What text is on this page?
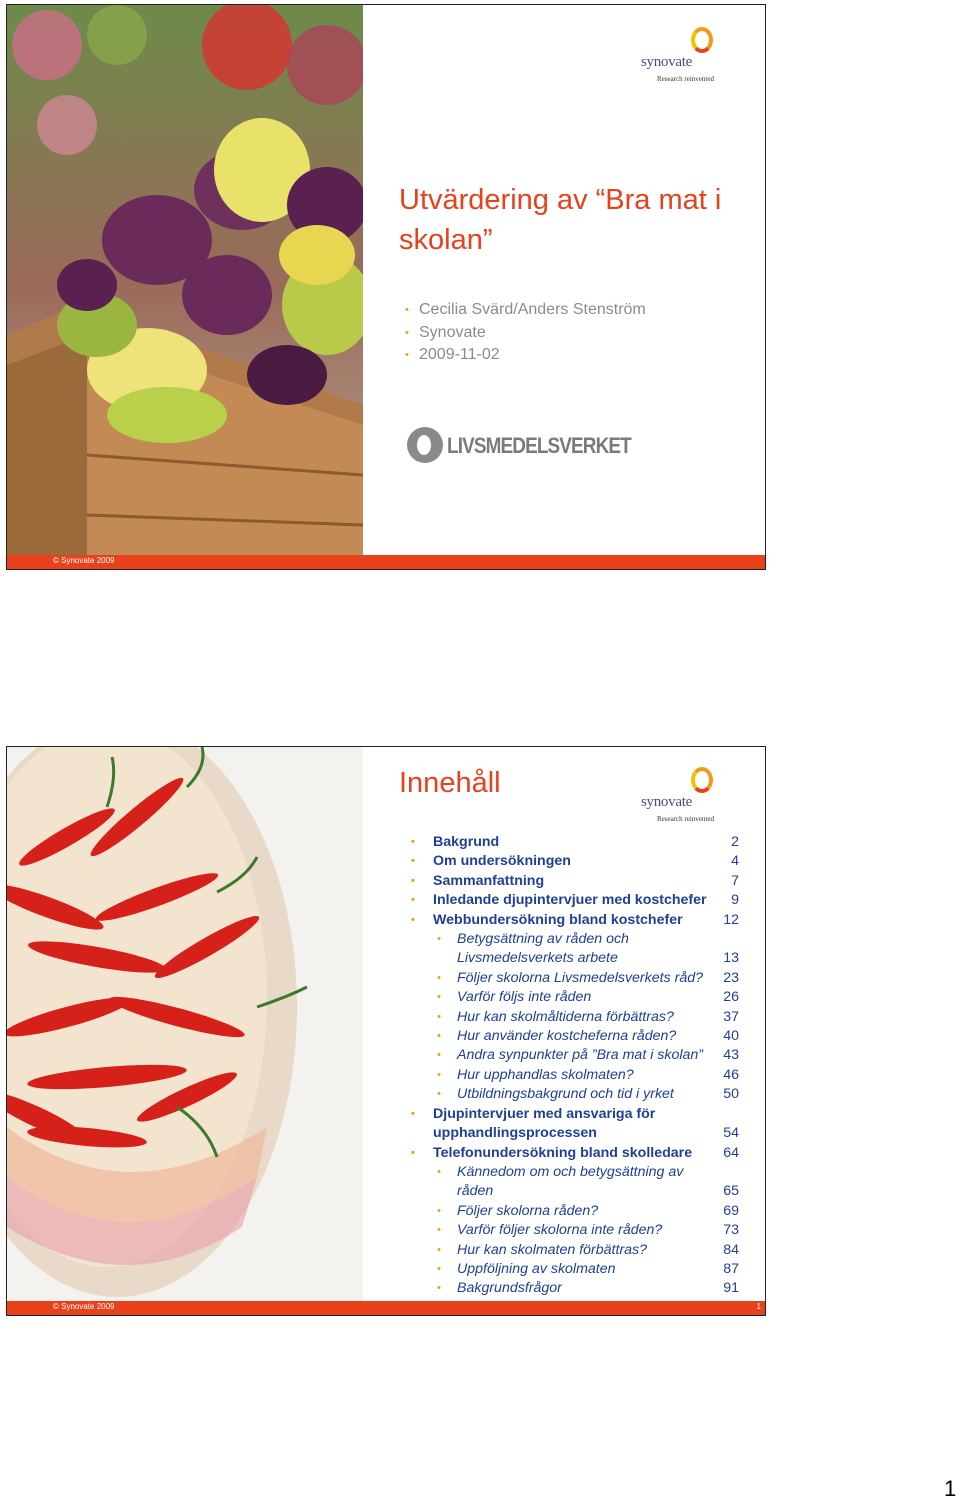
synovate
Research reinvented
Utvärdering av “Bra mat i skolan”
• Cecilia Svärd/Anders Stenström
• Synovate
• 2009-11-02
LIVSMEDELSVERKET
© Synovate 2009
Innehåll
synovate
Research reinvented
• Bakgrund	2
• Om undersökningen	4
• Sammanfattning	7
• Inledande djupintervjuer med kostchefer	9
• Webbundersökning bland kostchefer	12
• Betygsättning av råden och Livsmedelsverkets arbete	13
• Följer skolorna Livsmedelsverkets råd?	23
• Varför följs inte råden	26
• Hur kan skolmåltiderna förbättras?	37
• Hur använder kostcheferna råden?	40
• Andra synpunkter på ”Bra mat i skolan”	43
• Hur upphandlas skolmaten?	46
• Utbildningsbakgrund och tid i yrket	50
• Djupintervjuer med ansvariga för upphandlingsprocessen	54
• Telefonundersökning bland skolledare	64
• Kännedom om och betygsättning av råden	65
• Följer skolorna råden?	69
• Varför följer skolorna inte råden?	73
• Hur kan skolmaten förbättras?	84
• Uppföljning av skolmaten	87
• Bakgrundsfrågor	91
© Synovate 2009	1
1
